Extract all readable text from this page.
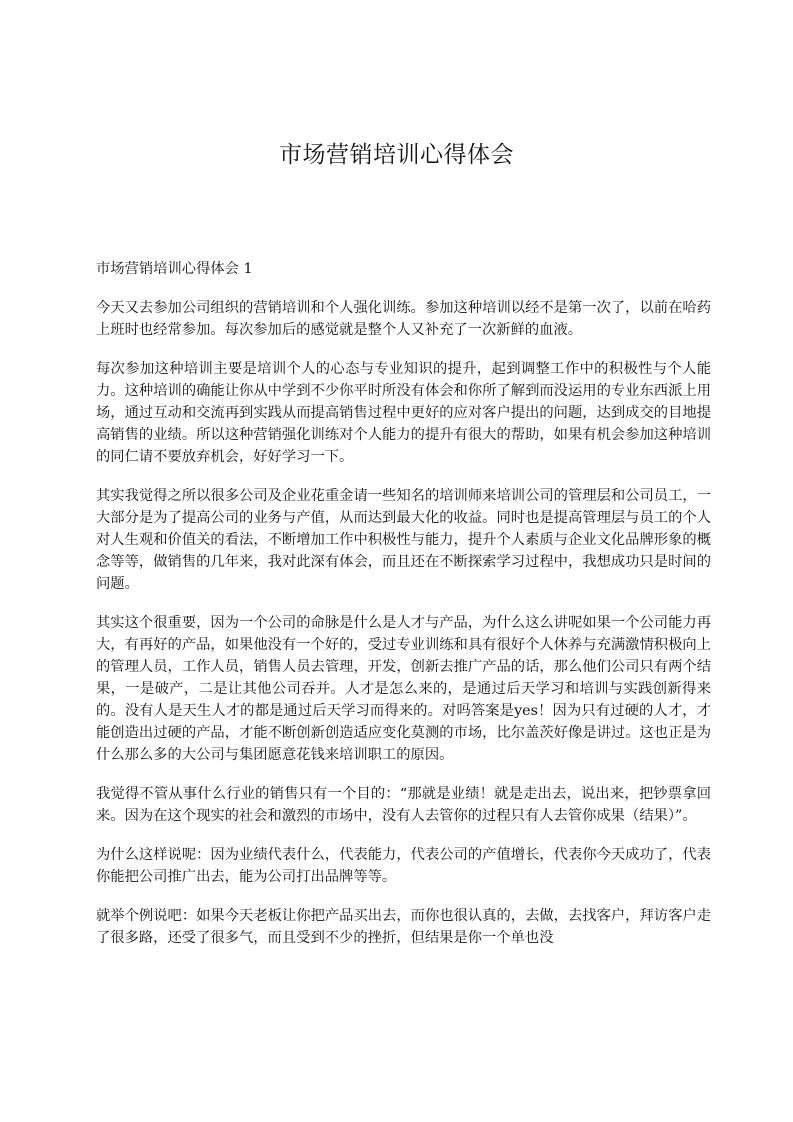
市场营销培训心得体会

市场营销培训心得体会 1

今天又去参加公司组织的营销培训和个人强化训练。参加这种培训以经不是第一次了，以前在哈药上班时也经常参加。每次参加后的感觉就是整个人又补充了一次新鲜的血液。

每次参加这种培训主要是培训个人的心态与专业知识的提升，起到调整工作中的积极性与个人能力。这种培训的确能让你从中学到不少你平时所没有体会和你所了解到而没运用的专业东西派上用场，通过互动和交流再到实践从而提高销售过程中更好的应对客户提出的问题，达到成交的目地提高销售的业绩。所以这种营销强化训练对个人能力的提升有很大的帮助，如果有机会参加这种培训的同仁请不要放弃机会，好好学习一下。

其实我觉得之所以很多公司及企业花重金请一些知名的培训师来培训公司的管理层和公司员工，一大部分是为了提高公司的业务与产值，从而达到最大化的收益。同时也是提高管理层与员工的个人对人生观和价值关的看法，不断增加工作中积极性与能力，提升个人素质与企业文化品牌形象的概念等等，做销售的几年来，我对此深有体会，而且还在不断探索学习过程中，我想成功只是时间的问题。

其实这个很重要，因为一个公司的命脉是什么是人才与产品，为什么这么讲呢如果一个公司能力再大，有再好的产品，如果他没有一个好的，受过专业训练和具有很好个人休养与充满激情积极向上的管理人员，工作人员，销售人员去管理，开发，创新去推广产品的话，那么他们公司只有两个结果，一是破产，二是让其他公司吞并。人才是怎么来的，是通过后天学习和培训与实践创新得来的。没有人是天生人才的都是通过后天学习而得来的。对吗答案是yes！因为只有过硬的人才，才能创造出过硬的产品，才能不断创新创造适应变化莫测的市场，比尔盖茨好像是讲过。这也正是为什么那么多的大公司与集团愿意花钱来培训职工的原因。

我觉得不管从事什么行业的销售只有一个目的：“那就是业绩！就是走出去，说出来，把钞票拿回来。因为在这个现实的社会和激烈的市场中，没有人去管你的过程只有人去管你成果（结果）”。

为什么这样说呢：因为业绩代表什么，代表能力，代表公司的产值增长，代表你今天成功了，代表你能把公司推广出去，能为公司打出品牌等等。

就举个例说吧：如果今天老板让你把产品买出去，而你也很认真的，去做，去找客户，拜访客户走了很多路，还受了很多气，而且受到不少的挫折，但结果是你一个单也没
